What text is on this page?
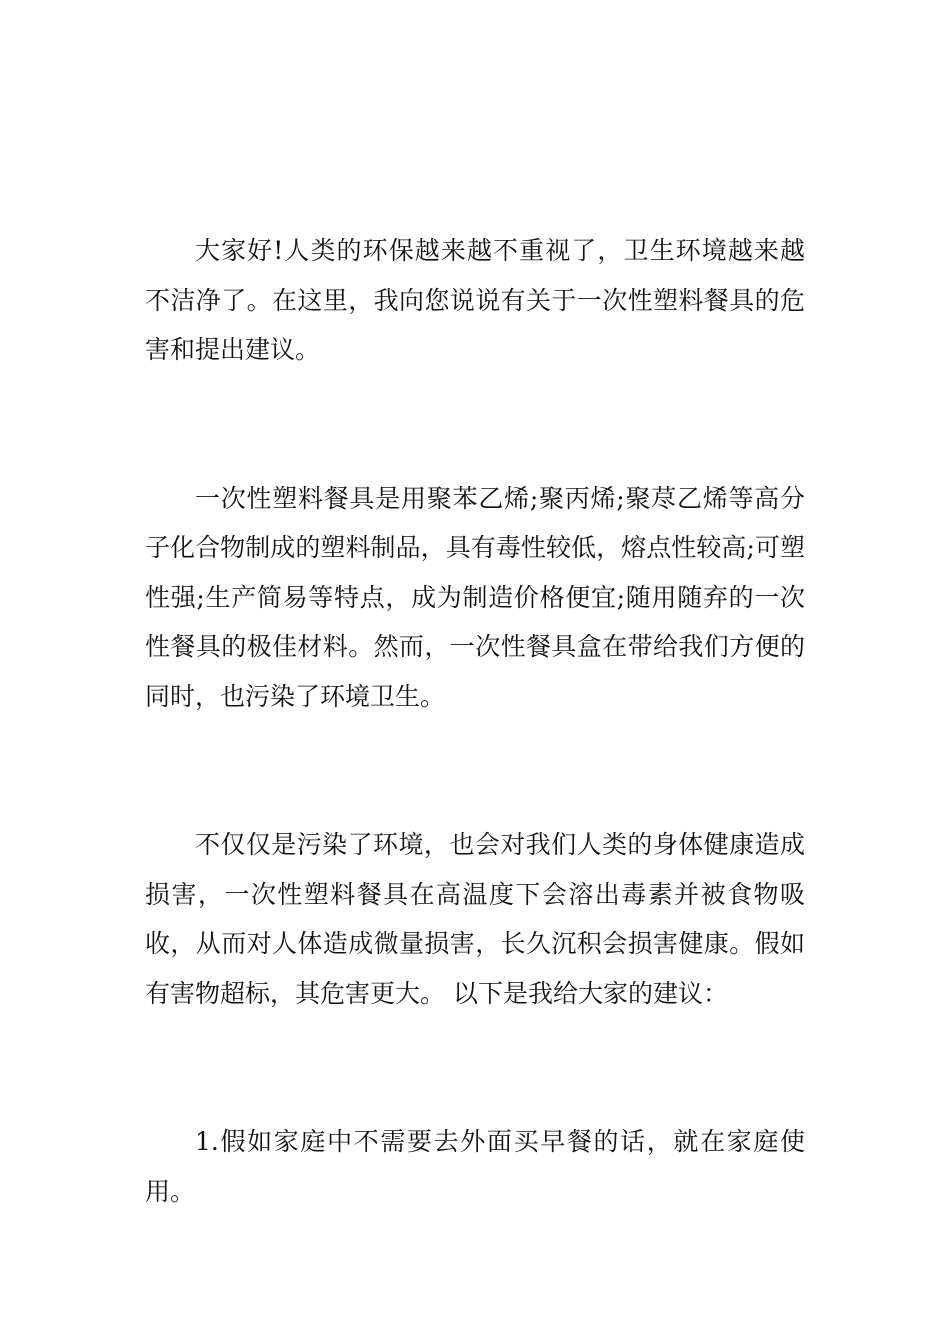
大家好!人类的环保越来越不重视了，卫生环境越来越不洁净了。在这里，我向您说说有关于一次性塑料餐具的危害和提出建议。

一次性塑料餐具是用聚苯乙烯;聚丙烯;聚荩乙烯等高分子化合物制成的塑料制品，具有毒性较低，熔点性较高;可塑性强;生产简易等特点，成为制造价格便宜;随用随弃的一次性餐具的极佳材料。然而，一次性餐具盒在带给我们方便的同时，也污染了环境卫生。

不仅仅是污染了环境，也会对我们人类的身体健康造成损害，一次性塑料餐具在高温度下会溶出毒素并被食物吸收，从而对人体造成微量损害，长久沉积会损害健康。假如有害物超标，其危害更大。 以下是我给大家的建议：

1.假如家庭中不需要去外面买早餐的话，就在家庭使用。
